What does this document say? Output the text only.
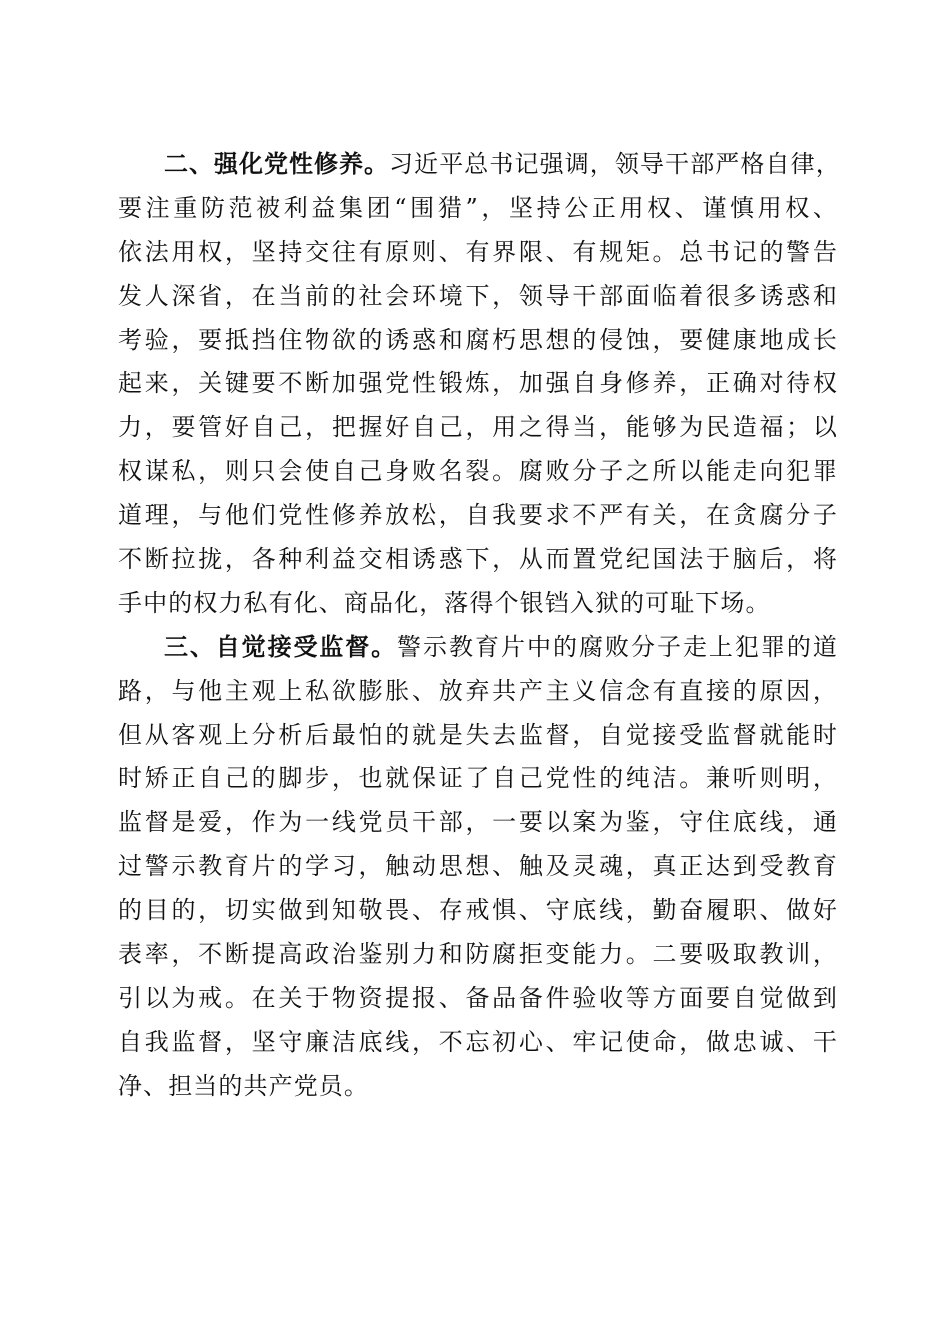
二、强化党性修养。习近平总书记强调，领导干部严格自律，
要注重防范被利益集团“围猎”，坚持公正用权、谨慎用权、
依法用权，坚持交往有原则、有界限、有规矩。总书记的警告
发人深省，在当前的社会环境下，领导干部面临着很多诱惑和
考验，要抵挡住物欲的诱惑和腐朽思想的侵蚀，要健康地成长
起来，关键要不断加强党性锻炼，加强自身修养，正确对待权
力，要管好自己，把握好自己，用之得当，能够为民造福；以
权谋私，则只会使自己身败名裂。腐败分子之所以能走向犯罪
道理，与他们党性修养放松，自我要求不严有关，在贪腐分子
不断拉拢，各种利益交相诱惑下，从而置党纪国法于脑后，将
手中的权力私有化、商品化，落得个银铛入狱的可耻下场。
三、自觉接受监督。警示教育片中的腐败分子走上犯罪的道
路，与他主观上私欲膨胀、放弃共产主义信念有直接的原因，
但从客观上分析后最怕的就是失去监督，自觉接受监督就能时
时矫正自己的脚步，也就保证了自己党性的纯洁。兼听则明，
监督是爱，作为一线党员干部，一要以案为鉴，守住底线，通
过警示教育片的学习，触动思想、触及灵魂，真正达到受教育
的目的，切实做到知敬畏、存戒惧、守底线，勤奋履职、做好
表率，不断提高政治鉴别力和防腐拒变能力。二要吸取教训，
引以为戒。在关于物资提报、备品备件验收等方面要自觉做到
自我监督，坚守廉洁底线，不忘初心、牢记使命，做忠诚、干
净、担当的共产党员。
